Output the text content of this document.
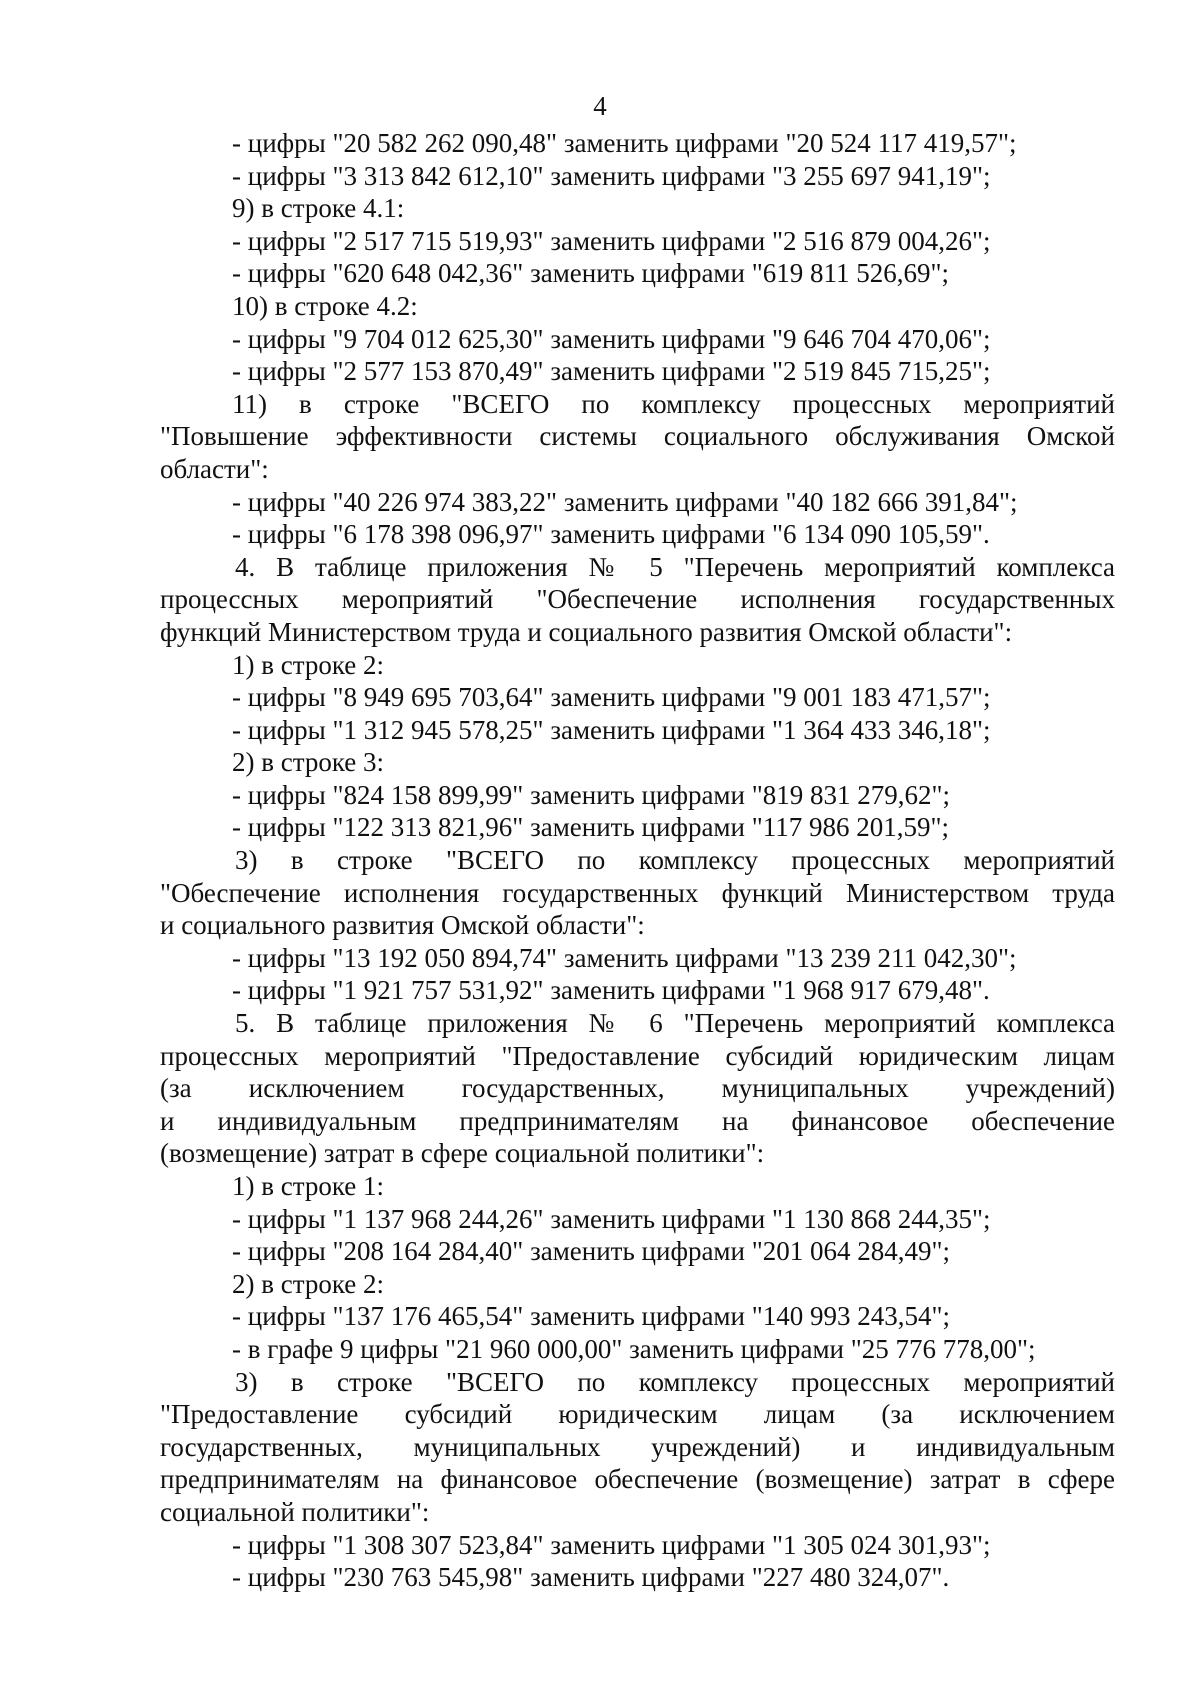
4

- цифры "20 582 262 090,48" заменить цифрами "20 524 117 419,57";

- цифры "3 313 842 612,10" заменить цифрами "3 255 697 941,19";

9) в строке 4.1:

- цифры "2 517 715 519,93" заменить цифрами "2 516 879 004,26";

- цифры "620 648 042,36" заменить цифрами "619 811 526,69";

10) в строке 4.2:

- цифры "9 704 012 625,30" заменить цифрами "9 646 704 470,06";

- цифры "2 577 153 870,49" заменить цифрами "2 519 845 715,25";

11) в строке "ВСЕГО по комплексу процессных мероприятий

"Повышение эффективности системы социального обслуживания Омской

области":

- цифры "40 226 974 383,22" заменить цифрами "40 182 666 391,84";

- цифры "6 178 398 096,97" заменить цифрами "6 134 090 105,59".

4. В таблице приложения № 5 "Перечень мероприятий комплекса

процессных мероприятий "Обеспечение исполнения государственных

функций Министерством труда и социального развития Омской области":

1) в строке 2:

- цифры "8 949 695 703,64" заменить цифрами "9 001 183 471,57";

- цифры "1 312 945 578,25" заменить цифрами "1 364 433 346,18";

2) в строке 3:

- цифры "824 158 899,99" заменить цифрами "819 831 279,62";

- цифры "122 313 821,96" заменить цифрами "117 986 201,59";

3) в строке "ВСЕГО по комплексу процессных мероприятий

"Обеспечение исполнения государственных функций Министерством труда

и социального развития Омской области":

- цифры "13 192 050 894,74" заменить цифрами "13 239 211 042,30";

- цифры "1 921 757 531,92" заменить цифрами "1 968 917 679,48".

5. В таблице приложения № 6 "Перечень мероприятий комплекса

процессных мероприятий "Предоставление субсидий юридическим лицам

(за исключением государственных, муниципальных учреждений)

и индивидуальным предпринимателям на финансовое обеспечение

(возмещение) затрат в сфере социальной политики":

1) в строке 1:

- цифры "1 137 968 244,26" заменить цифрами "1 130 868 244,35";

- цифры "208 164 284,40" заменить цифрами "201 064 284,49";

2) в строке 2:

- цифры "137 176 465,54" заменить цифрами "140 993 243,54";

- в графе 9 цифры "21 960 000,00" заменить цифрами "25 776 778,00";

3) в строке "ВСЕГО по комплексу процессных мероприятий

"Предоставление субсидий юридическим лицам (за исключением

государственных, муниципальных учреждений) и индивидуальным

предпринимателям на финансовое обеспечение (возмещение) затрат в сфере

социальной политики":

- цифры "1 308 307 523,84" заменить цифрами "1 305 024 301,93";

- цифры "230 763 545,98" заменить цифрами "227 480 324,07".
